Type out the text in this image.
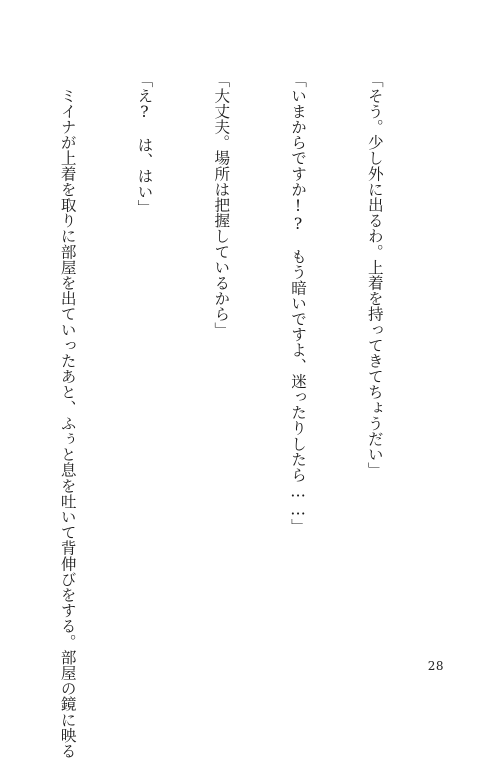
「そう。少し外に出るわ。上着を持ってきてちょうだい」

「いまからですか!?　もう暗いですよ、迷ったりしたら……」

「大丈夫。場所は把握しているから」

「え?　は、はい」

　ミイナが上着を取りに部屋を出ていったあと、ふぅと息を吐いて背伸びをする。部屋の鏡に映る

	28
